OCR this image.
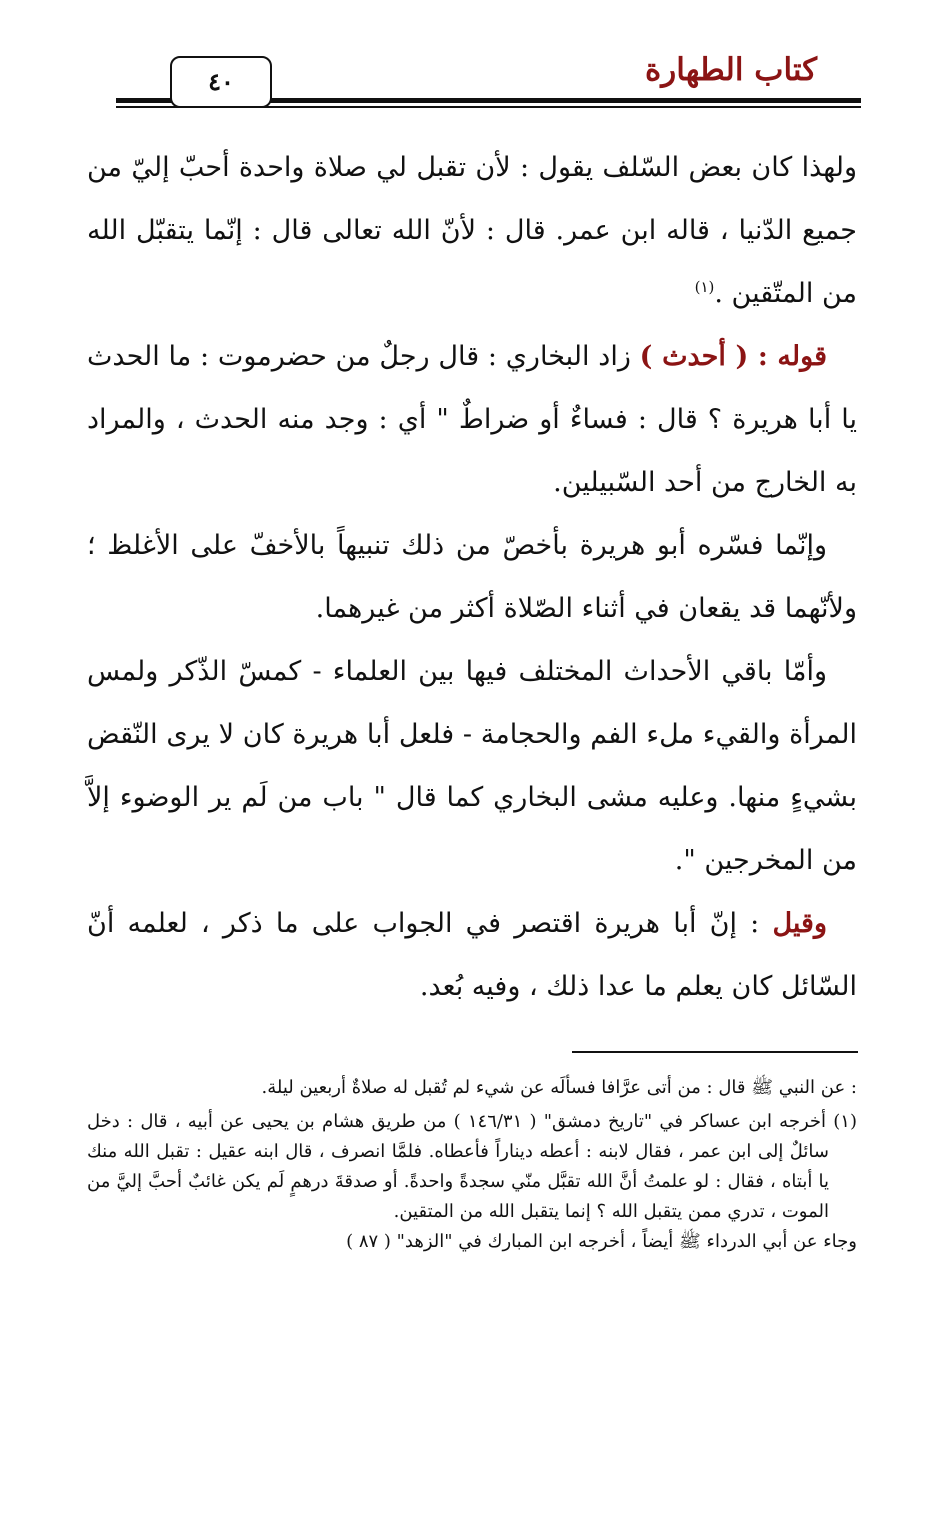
كتاب الطهارة
٤٠

ولهذا كان بعض السّلف يقول : لأن تقبل لي صلاة واحدة أحبّ إليّ من جميع الدّنيا ، قاله ابن عمر. قال : لأنّ الله تعالى قال : إنّما يتقبّل الله من المتّقين .$^{(١)}$

قوله : ( أحدث ) زاد البخاري : قال رجلٌ من حضرموت : ما الحدث يا أبا هريرة ؟ قال : فساءٌ أو ضراطٌ " أي : وجد منه الحدث ، والمراد به الخارج من أحد السّبيلين.

وإنّما فسّره أبو هريرة بأخصّ من ذلك تنبيهاً بالأخفّ على الأغلظ ؛ ولأنّهما قد يقعان في أثناء الصّلاة أكثر من غيرهما.

وأمّا باقي الأحداث المختلف فيها بين العلماء - كمسّ الذّكر ولمس المرأة والقيء ملء الفم والحجامة - فلعل أبا هريرة كان لا يرى النّقض بشيءٍ منها. وعليه مشى البخاري كما قال " باب من لَم ير الوضوء إلاَّ من المخرجين ".

وقيل : إنّ أبا هريرة اقتصر في الجواب على ما ذكر ، لعلمه أنّ السّائل كان يعلم ما عدا ذلك ، وفيه بُعد.

: عن النبي ﷺ قال : من أتى عرَّافا فسألَه عن شيء لم تُقبل له صلاةٌ أربعين ليلة.

(١) أخرجه ابن عساكر في "تاريخ دمشق" ( ١٤٦/٣١ ) من طريق هشام بن يحيى عن أبيه ، قال : دخل سائلٌ إلى ابن عمر ، فقال لابنه : أعطه ديناراً فأعطاه. فلمَّا انصرف ، قال ابنه عقيل : تقبل الله منك يا أبتاه ، فقال : لو علمتُ أنَّ الله تقبَّل منّي سجدةً واحدةً. أو صدقةَ درهمٍ لَم يكن غائبٌ أحبَّ إليَّ من الموت ، تدري ممن يتقبل الله ؟ إنما يتقبل الله من المتقين.

وجاء عن أبي الدرداء ﷺ أيضاً ، أخرجه ابن المبارك في "الزهد" ( ٨٧ )
